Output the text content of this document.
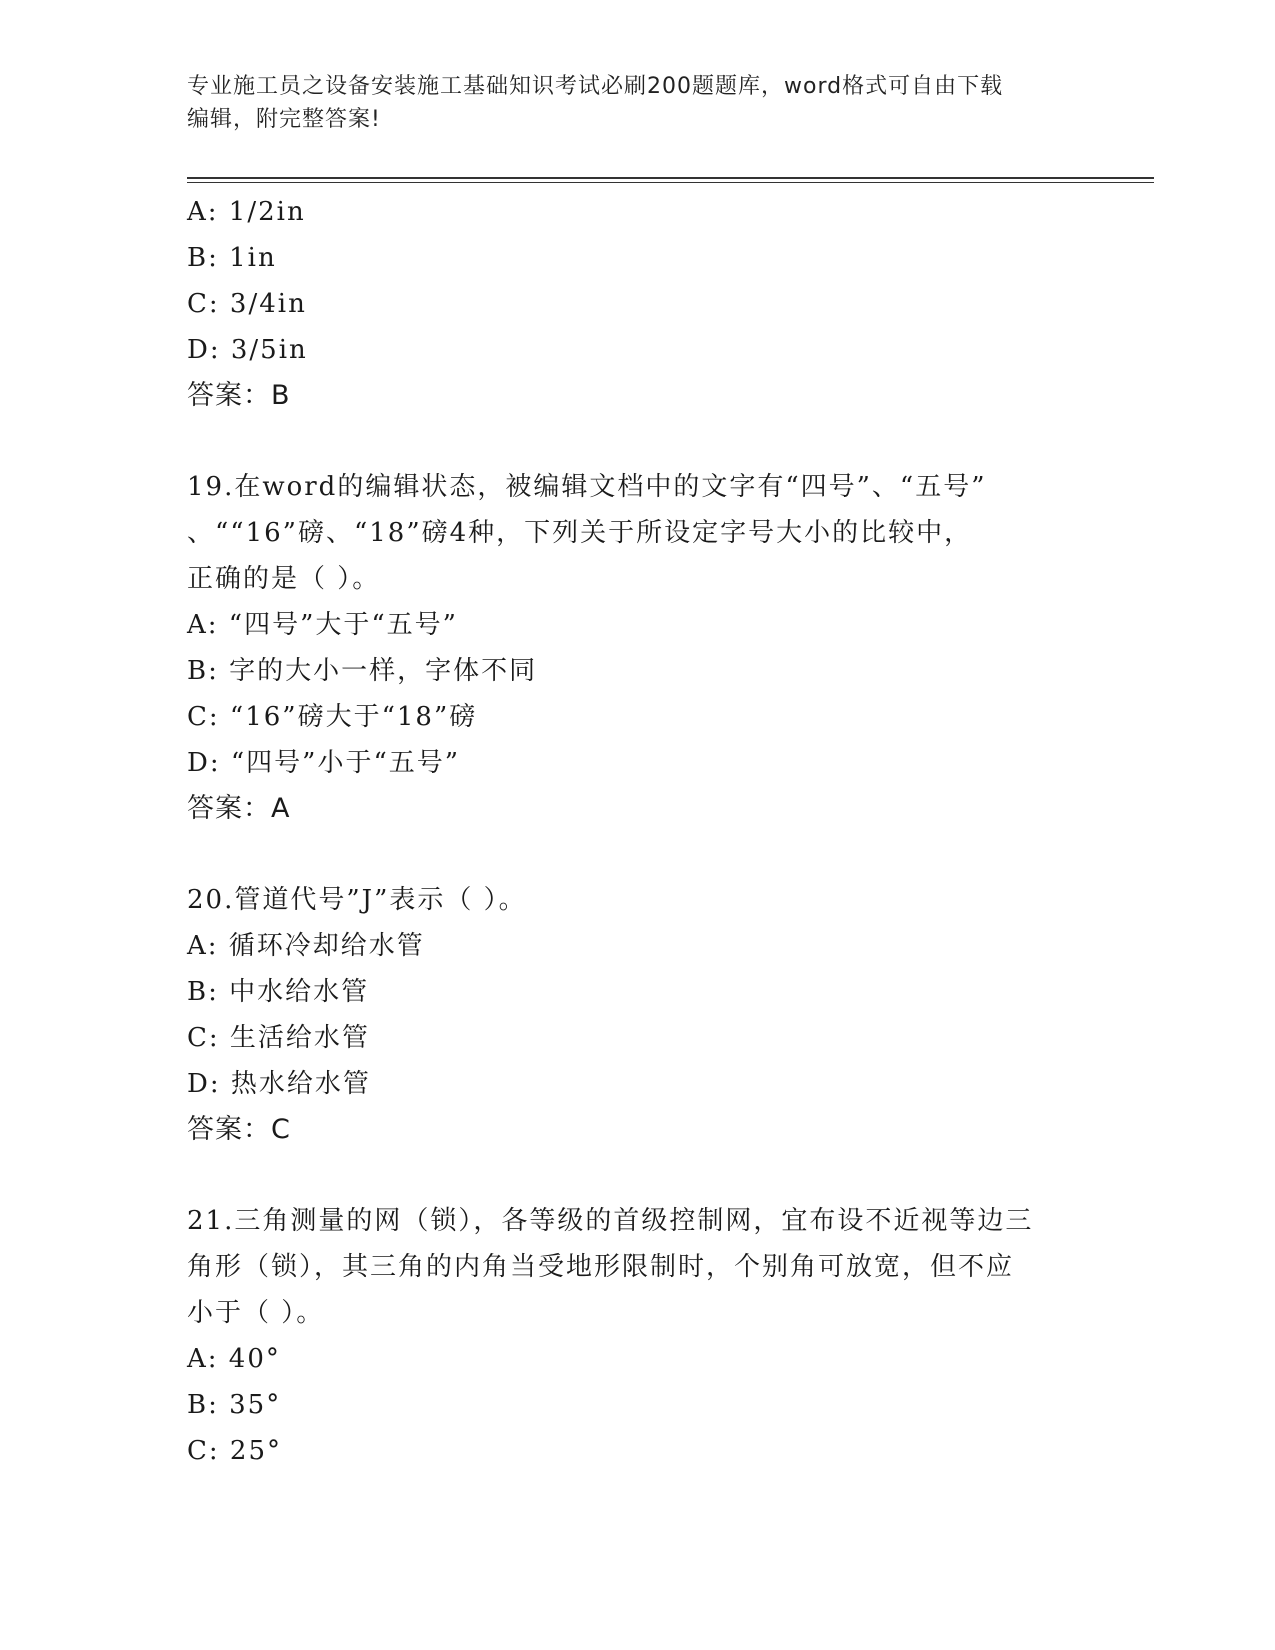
专业施工员之设备安装施工基础知识考试必刷200题题库，word格式可自由下载
编辑，附完整答案!
A: 1/2in
B: 1in
C: 3/4in
D: 3/5in
答案：B
19.在word的编辑状态，被编辑文档中的文字有“四号”、“五号”
、““16”磅、“18”磅4种，下列关于所设定字号大小的比较中，
正确的是（ ）。
A: “四号”大于“五号”
B: 字的大小一样，字体不同
C: “16”磅大于“18”磅
D: “四号”小于“五号”
答案：A
20.管道代号”J”表示（ ）。
A: 循环冷却给水管
B: 中水给水管
C: 生活给水管
D: 热水给水管
答案：C
21.三角测量的网（锁），各等级的首级控制网，宜布设不近视等边三
角形（锁），其三角的内角当受地形限制时，个别角可放宽，但不应
小于（ ）。
A: 40°
B: 35°
C: 25°
